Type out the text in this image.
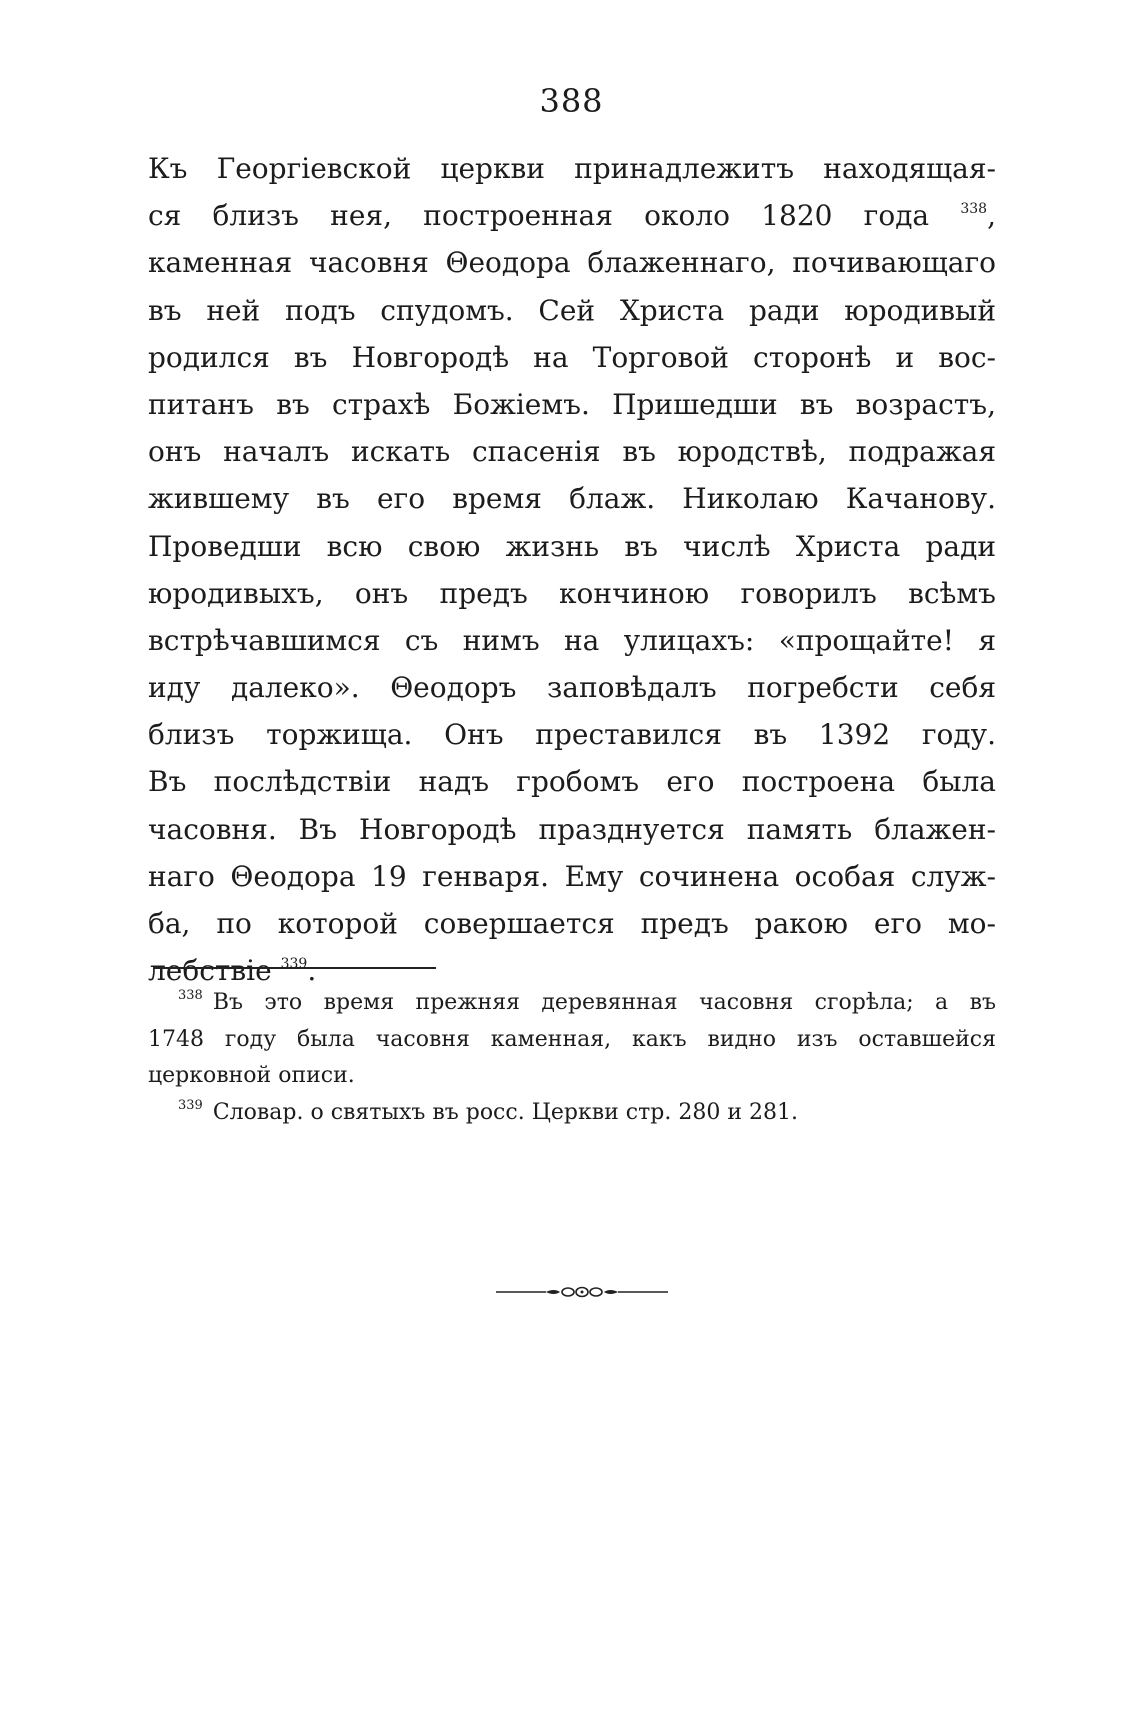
388
Къ Георгіевской церкви принадлежитъ находящая-
ся близъ нея, построенная около 1820 года $^{338}$,
каменная часовня Θеодора блаженнаго, почивающаго
въ ней подъ спудомъ. Сей Христа ради юродивый
родился въ Новгородѣ на Торговой сторонѣ и вос-
питанъ въ страхѣ Божіемъ. Пришедши въ возрастъ,
онъ началъ искать спасенія въ юродствѣ, подражая
жившему въ его время блаж. Николаю Качанову.
Проведши всю свою жизнь въ числѣ Христа ради
юродивыхъ, онъ предъ кончиною говорилъ всѣмъ
встрѣчавшимся съ нимъ на улицахъ: «прощайте! я
иду далеко». Θеодоръ заповѣдалъ погребсти себя
близъ торжища. Онъ преставился въ 1392 году.
Въ послѣдствіи надъ гробомъ его построена была
часовня. Въ Новгородѣ празднуется память блажен-
наго Θеодора 19 генваря. Ему сочинена особая служ-
ба, по которой совершается предъ ракою его мо-
лебствіе $^{339}$.
$^{338}$ Въ это время прежняя деревянная часовня сгорѣла; а въ
1748 году была часовня каменная, какъ видно изъ оставшейся
церковной описи.
$^{339}$ Словар. о святыхъ въ росс. Церкви стр. 280 и 281.
